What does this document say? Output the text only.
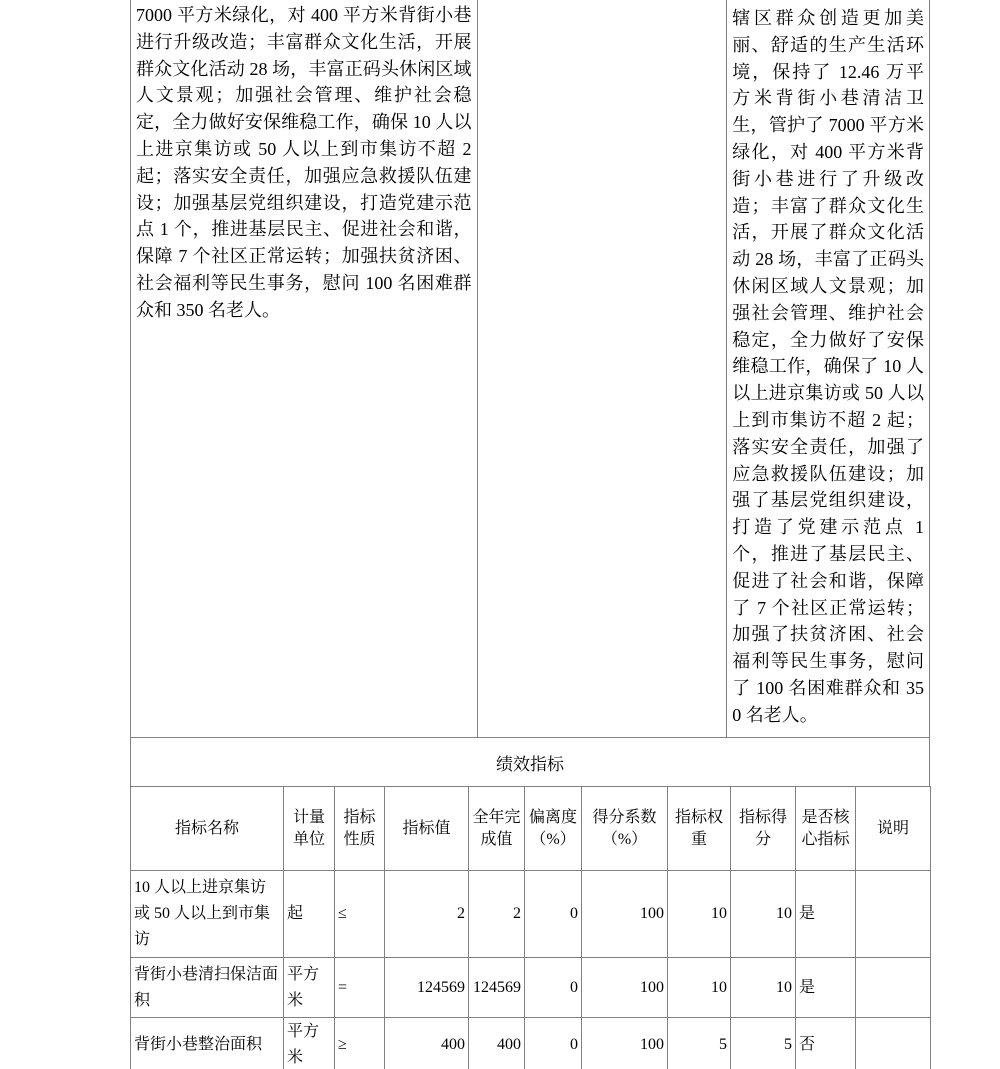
7000 平方米绿化，对 400 平方米背街小巷进行升级改造；丰富群众文化生活，开展群众文化活动 28 场，丰富正码头休闲区域人文景观；加强社会管理、维护社会稳定，全力做好安保维稳工作，确保 10 人以上进京集访或 50 人以上到市集访不超 2 起；落实安全责任，加强应急救援队伍建设；加强基层党组织建设，打造党建示范点 1 个，推进基层民主、促进社会和谐，保障 7 个社区正常运转；加强扶贫济困、社会福利等民生事务，慰问 100 名困难群众和 350 名老人。
辖区群众创造更加美丽、舒适的生产生活环境，保持了 12.46 万平方米背街小巷清洁卫生，管护了 7000 平方米绿化，对 400 平方米背街小巷进行了升级改造；丰富了群众文化生活，开展了群众文化活动 28 场，丰富了正码头休闲区域人文景观；加强社会管理、维护社会稳定，全力做好了安保维稳工作，确保了 10 人以上进京集访或 50 人以上到市集访不超 2 起；落实安全责任，加强了应急救援队伍建设；加强了基层党组织建设，打造了党建示范点 1 个，推进了基层民主、促进了社会和谐，保障了 7 个社区正常运转；加强了扶贫济困、社会福利等民生事务，慰问了 100 名困难群众和 350 名老人。
绩效指标
指标名称	计量单位	指标性质	指标值	全年完成值	偏离度（%）	得分系数（%）	指标权重	指标得分	是否核心指标	说明
10 人以上进京集访或 50 人以上到市集访	起	≤	2	2	0	100	10	10	是	
背街小巷清扫保洁面积	平方米	=	124569	124569	0	100	10	10	是	
背街小巷整治面积	平方米	≥	400	400	0	100	5	5	否	
